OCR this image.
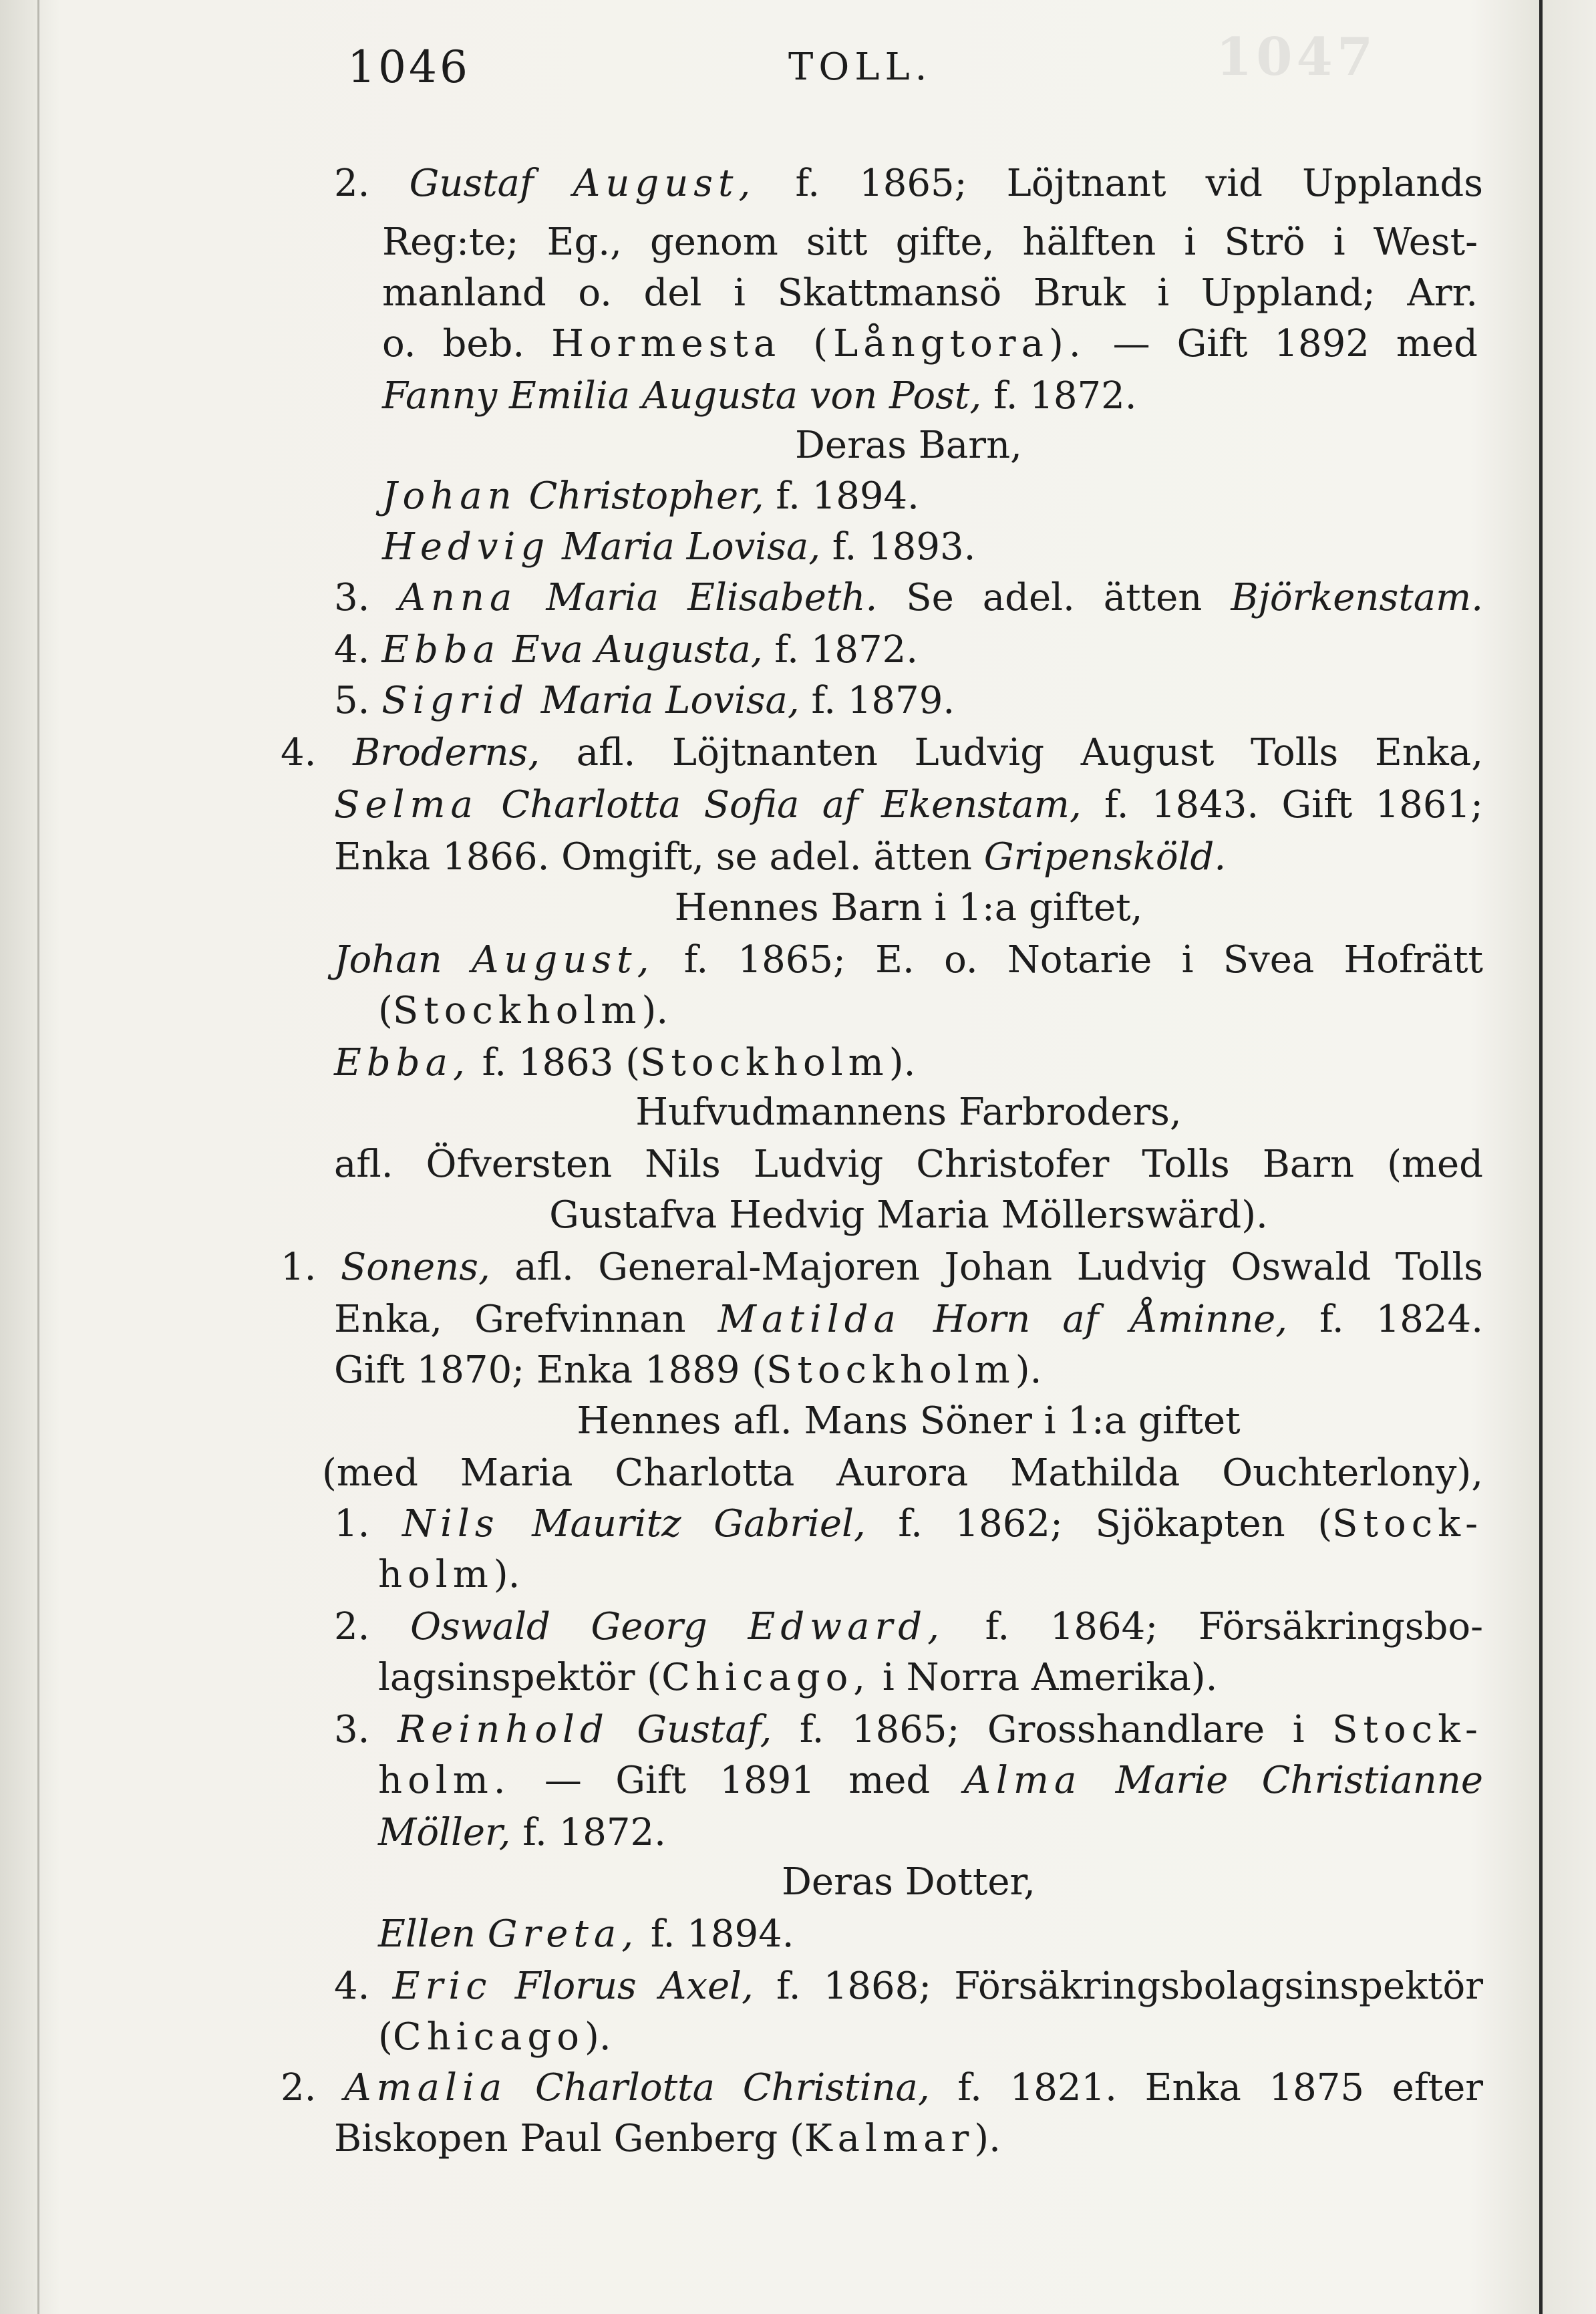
1047
1046	TOLL.
2. Gustaf August, f. 1865; Löjtnant vid Upplands
Reg:te; Eg., genom sitt gifte, hälften i Strö i West-
manland o. del i Skattmansö Bruk i Uppland; Arr.
o. beb. Hormesta (Långtora). — Gift 1892 med
Fanny Emilia Augusta von Post, f. 1872.
Deras Barn,
Johan Christopher, f. 1894.
Hedvig Maria Lovisa, f. 1893.
3. Anna Maria Elisabeth. Se adel. ätten Björkenstam.
4. Ebba Eva Augusta, f. 1872.
5. Sigrid Maria Lovisa, f. 1879.
4. Broderns, afl. Löjtnanten Ludvig August Tolls Enka,
Selma Charlotta Sofia af Ekenstam, f. 1843. Gift 1861;
Enka 1866. Omgift, se adel. ätten Gripensköld.
Hennes Barn i 1:a giftet,
Johan August, f. 1865; E. o. Notarie i Svea Hofrätt
(Stockholm).
Ebba, f. 1863 (Stockholm).
Hufvudmannens Farbroders,
afl. Öfversten Nils Ludvig Christofer Tolls Barn (med
Gustafva Hedvig Maria Möllerswärd).
1. Sonens, afl. General-Majoren Johan Ludvig Oswald Tolls
Enka, Grefvinnan Matilda Horn af Åminne, f. 1824.
Gift 1870; Enka 1889 (Stockholm).
Hennes afl. Mans Söner i 1:a giftet
(med Maria Charlotta Aurora Mathilda Ouchterlony),
1. Nils Mauritz Gabriel, f. 1862; Sjökapten (Stock-
holm).
2. Oswald Georg Edward, f. 1864; Försäkringsbo-
lagsinspektör (Chicago, i Norra Amerika).
3. Reinhold Gustaf, f. 1865; Grosshandlare i Stock-
holm. — Gift 1891 med Alma Marie Christianne
Möller, f. 1872.
Deras Dotter,
Ellen Greta, f. 1894.
4. Eric Florus Axel, f. 1868; Försäkringsbolagsinspektör
(Chicago).
2. Amalia Charlotta Christina, f. 1821. Enka 1875 efter
Biskopen Paul Genberg (Kalmar).
